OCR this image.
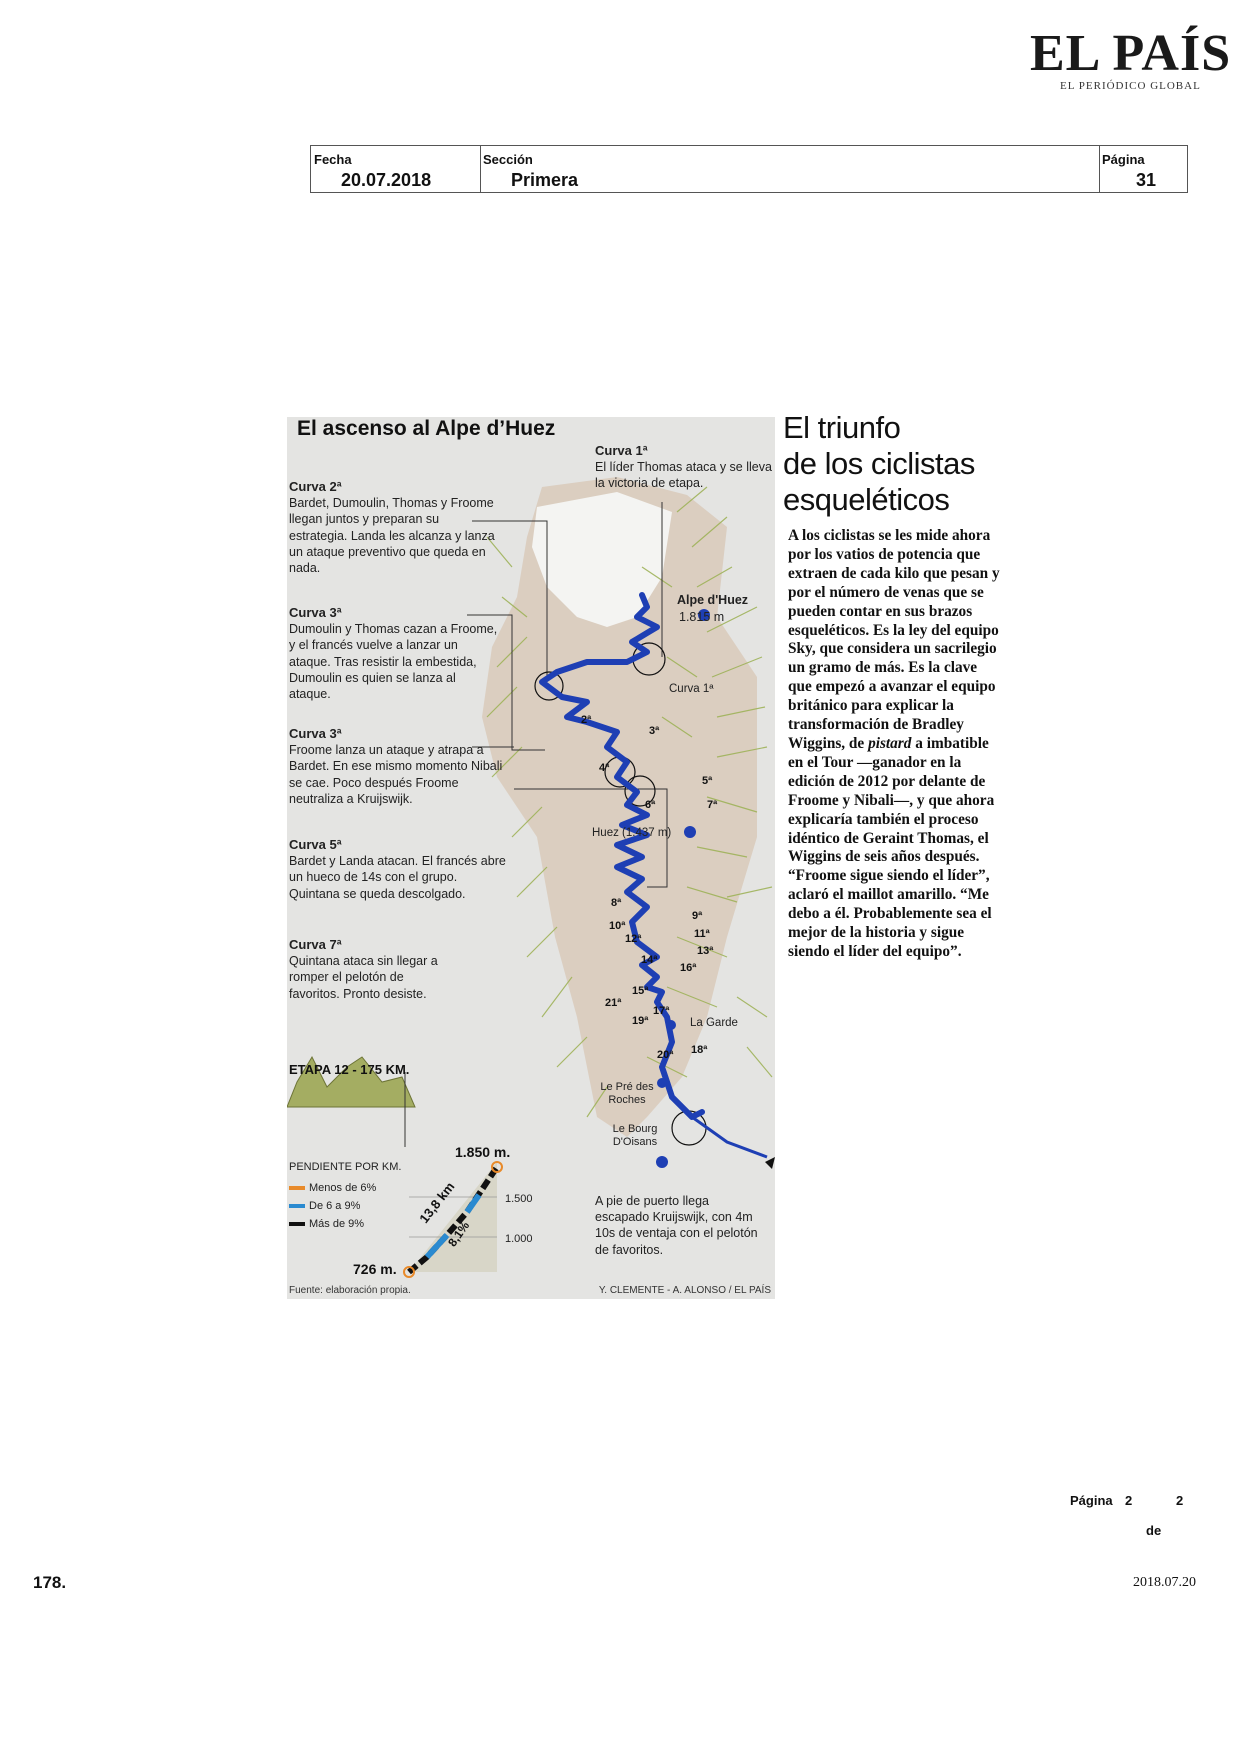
EL PAÍS
EL PERIÓDICO GLOBAL
Fecha
20.07.2018
Sección
Primera
Página
31
El ascenso al Alpe d’Huez
Curva 1ª
El líder Thomas ataca y se lleva la victoria de etapa.
Curva 2ª
Bardet, Dumoulin, Thomas y Froome llegan juntos y preparan su estrategia. Landa les alcanza y lanza un ataque preventivo que queda en nada.
Curva 3ª
Dumoulin y Thomas cazan a Froome, y el francés vuelve a lanzar un ataque. Tras resistir la embestida, Dumoulin es quien se lanza al ataque.
Curva 3ª
Froome lanza un ataque y atrapa a Bardet. En ese mismo momento Nibali se cae. Poco después Froome neutraliza a Kruijswijk.
Curva 5ª
Bardet y Landa atacan. El francés abre un hueco de 14s con el grupo. Quintana se queda descolgado.
Curva 7ª
Quintana ataca sin llegar a romper el pelotón de favoritos. Pronto desiste.
Alpe d'Huez
1.815 m
Curva 1ª
Huez (1.437 m)
La Garde
Le Pré des
Roches
Le Bourg
D'Oisans
2ª
3ª
4ª
5ª
6ª	7ª
8ª
9ª
10ª
11ª
12ª
13ª
14ª
15ª
16ª
17ª
18ª
19ª
20ª
21ª
ETAPA 12 - 175 KM.
PENDIENTE POR KM.
Menos de 6%
De 6 a 9%
Más de 9%
1.850 m.
726 m.
13,8 km
8,1%
1.500
1.000
A pie de puerto llega escapado Kruijswijk, con 4m 10s de ventaja con el pelotón de favoritos.
Fuente: elaboración propia.	Y. CLEMENTE - A. ALONSO / EL PAÍS
El triunfo
de los ciclistas
esqueléticos
A los ciclistas se les mide ahora por los vatios de potencia que extraen de cada kilo que pesan y por el número de venas que se pueden contar en sus brazos esqueléticos. Es la ley del equipo Sky, que considera un sacrilegio un gramo de más. Es la clave que empezó a avanzar el equipo británico para explicar la transformación de Bradley Wiggins, de pistard a imbatible en el Tour —ganador en la edición de 2012 por delante de Froome y Nibali—, y que ahora explicaría también el proceso idéntico de Geraint Thomas, el Wiggins de seis años después. “Froome sigue siendo el líder”, aclaró el maillot amarillo. “Me debo a él. Probablemente sea el mejor de la historia y sigue siendo el líder del equipo”.
Página 2	2
de
178.	2018.07.20
